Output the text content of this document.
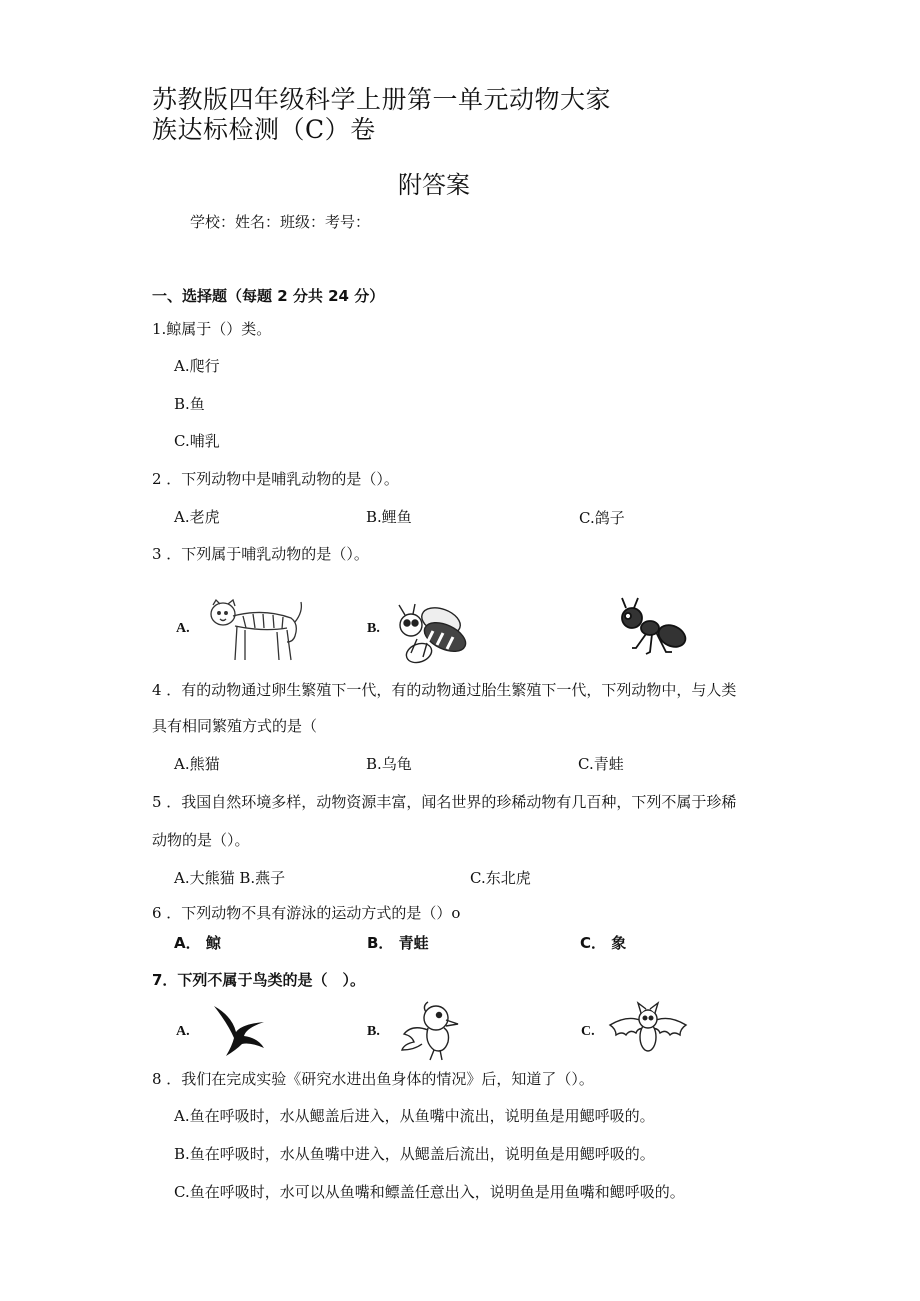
苏教版四年级科学上册第一单元动物大家
族达标检测（C）卷
附答案
学校：姓名：班级：考号：
一、选择题（每题 2 分共 24 分）
1.鲸属于（）类。
A.爬行
B.鱼
C.哺乳
2 ．下列动物中是哺乳动物的是（）。
A.老虎	B.鲤鱼	C.鸽子
3 ．下列属于哺乳动物的是（）。
A.	B.
4 ．有的动物通过卵生繁殖下一代，有的动物通过胎生繁殖下一代，下列动物中，与人类
具有相同繁殖方式的是（
A.熊猫	B.乌龟	C.青蛙
5 ．我国自然环境多样，动物资源丰富，闻名世界的珍稀动物有几百种，下列不属于珍稀
动物的是（）。
A.大熊猫 B.燕子	C.东北虎
6 ．下列动物不具有游泳的运动方式的是（）o
A． 鲸	B． 青蛙	C． 象
7．下列不属于鸟类的是（　）。
A.	B.	C.
8 ．我们在完成实验《研究水进出鱼身体的情况》后，知道了（）。
A.鱼在呼吸时，水从鳃盖后进入，从鱼嘴中流出，说明鱼是用鳃呼吸的。
B.鱼在呼吸时，水从鱼嘴中进入，从鳃盖后流出，说明鱼是用鳃呼吸的。
C.鱼在呼吸时，水可以从鱼嘴和鳔盖任意出入，说明鱼是用鱼嘴和鳃呼吸的。
